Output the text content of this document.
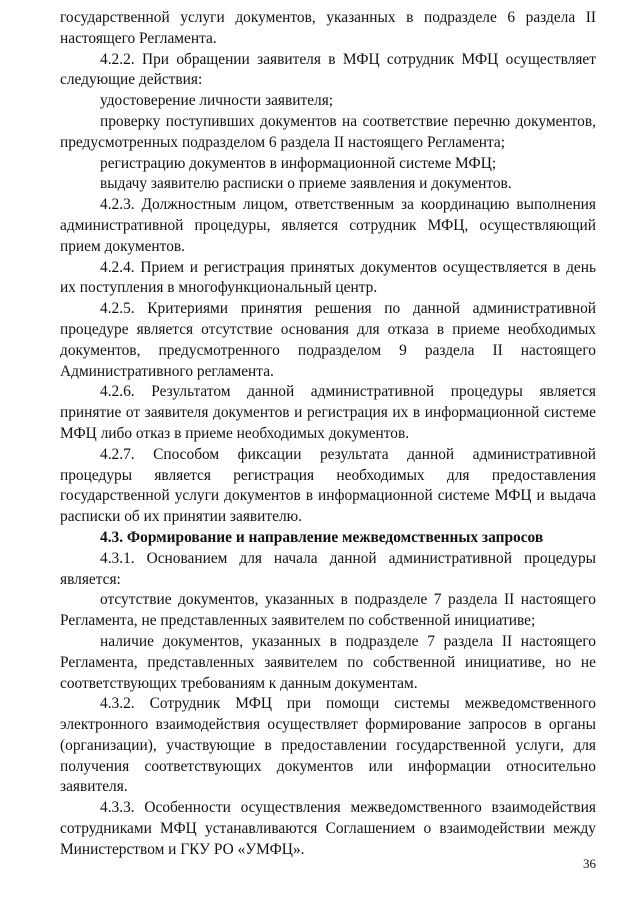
государственной услуги документов, указанных в подразделе 6 раздела II настоящего Регламента.

4.2.2. При обращении заявителя в МФЦ сотрудник МФЦ осуществляет следующие действия:

удостоверение личности заявителя;

проверку поступивших документов на соответствие перечню документов, предусмотренных подразделом 6 раздела II настоящего Регламента;

регистрацию документов в информационной системе МФЦ;

выдачу заявителю расписки о приеме заявления и документов.

4.2.3. Должностным лицом, ответственным за координацию выполнения административной процедуры, является сотрудник МФЦ, осуществляющий прием документов.

4.2.4. Прием и регистрация принятых документов осуществляется в день их поступления в многофункциональный центр.

4.2.5. Критериями принятия решения по данной административной процедуре является отсутствие основания для отказа в приеме необходимых документов, предусмотренного подразделом 9 раздела II настоящего Административного регламента.

4.2.6. Результатом данной административной процедуры является принятие от заявителя документов и регистрация их в информационной системе МФЦ либо отказ в приеме необходимых документов.

4.2.7. Способом фиксации результата данной административной процедуры является регистрация необходимых для предоставления государственной услуги документов в информационной системе МФЦ и выдача расписки об их принятии заявителю.

4.3. Формирование и направление межведомственных запросов

4.3.1. Основанием для начала данной административной процедуры является:

отсутствие документов, указанных в подразделе 7 раздела II настоящего Регламента, не представленных заявителем по собственной инициативе;

наличие документов, указанных в подразделе 7 раздела II настоящего Регламента, представленных заявителем по собственной инициативе, но не соответствующих требованиям к данным документам.

4.3.2. Сотрудник МФЦ при помощи системы межведомственного электронного взаимодействия осуществляет формирование запросов в органы (организации), участвующие в предоставлении государственной услуги, для получения соответствующих документов или информации относительно заявителя.

4.3.3. Особенности осуществления межведомственного взаимодействия сотрудниками МФЦ устанавливаются Соглашением о взаимодействии между Министерством и ГКУ РО «УМФЦ».

36
